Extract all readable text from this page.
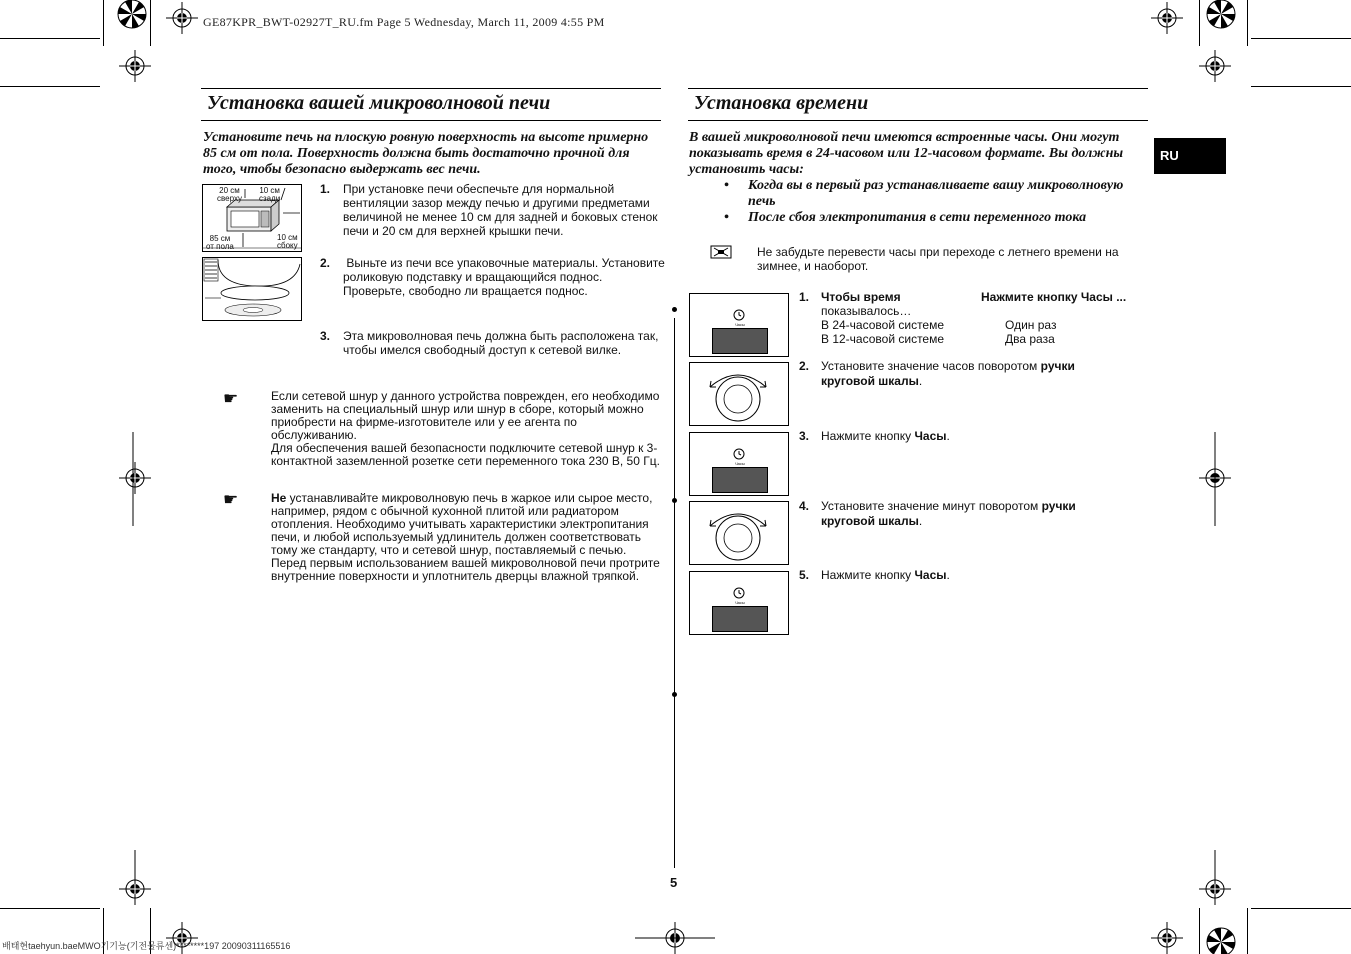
GE87KPR_BWT-02927T_RU.fm Page 5 Wednesday, March 11, 2009 4:55 PM
Установка вашей микроволновой печи
Установите печь на плоскую ровную поверхность на высоте примерно 85 см от пола. Поверхность должна быть достаточно прочной для того, чтобы безопасно выдержать вес печи.
20 см
сверху
10 см
сзади
85 см
от пола
10 см
сбоку
1. При установке печи обеспечьте для нормальной вентиляции зазор между печью и другими предметами величиной не менее 10 см для задней и боковых стенок печи и 20 см для верхней крышки печи.
2. Выньте из печи все упаковочные материалы. Установите роликовую подставку и вращающийся поднос.  Проверьте, свободно ли вращается поднос.
3. Эта микроволновая печь должна быть расположена так, чтобы имелся свободный доступ к сетевой вилке.
☛	Если сетевой шнур у данного устройства поврежден, его необходимо заменить на специальный шнур или шнур в сборе, который можно приобрести на фирме-изготовителе или у ее агента по обслуживанию.
Для обеспечения вашей безопасности подключите сетевой шнур к 3-контактной заземленной розетке сети переменного тока 230 В, 50 Гц.
☛	Не устанавливайте микроволновую печь в жаркое или сырое место, например, рядом с обычной кухонной плитой или радиатором отопления. Необходимо учитывать характеристики электропитания печи, и любой используемый удлинитель должен соответствовать тому же стандарту, что и сетевой шнур, поставляемый с печью. Перед первым использованием вашей микроволновой печи протрите внутренние поверхности и уплотнитель дверцы влажной тряпкой.
Установка времени
RU
В вашей микроволновой печи имеются встроенные часы. Они могут показывать время в 24-часовом или 12-часовом формате. Вы должны установить часы:
• Когда вы в первый раз устанавливаете вашу микроволновую печь
• После сбоя электропитания в сети переменного тока
Не забудьте перевести часы при переходе с летнего времени на зимнее, и наоборот.
Часы
Часы
Часы
1. Чтобы время	Нажмите кнопку Часы ...
показывалось…
В 24-часовой системе	Один раз
В 12-часовой системе	Два раза
2. Установите значение часов поворотом ручки круговой шкалы.
3. Нажмите кнопку Часы.
4. Установите значение минут поворотом ручки круговой шкалы.
5. Нажмите кнопку Часы.
5
배태현taehyun.baeMWO기기능(기전물류센)********197 20090311165516
